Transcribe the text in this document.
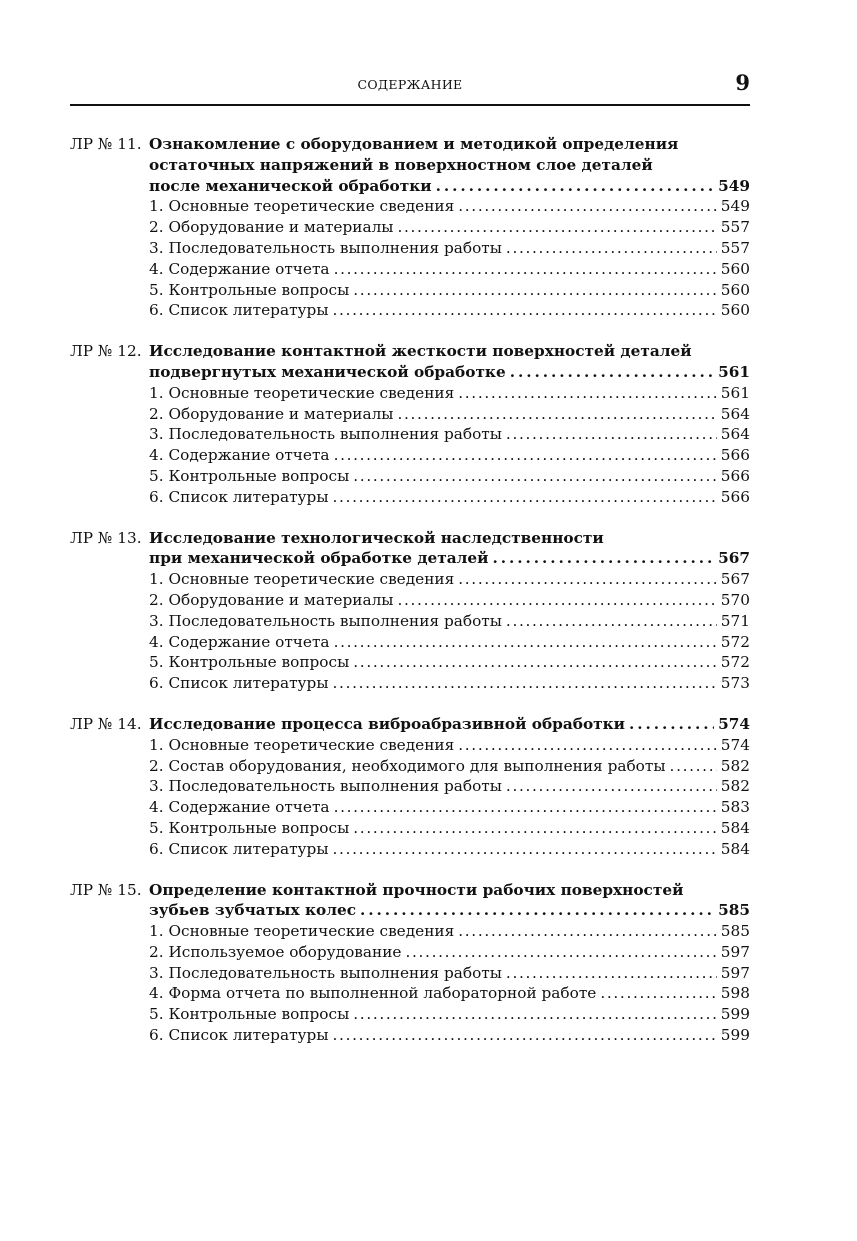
СОДЕРЖАНИЕ	9
ЛР № 11. Ознакомление с оборудованием и методикой определения
остаточных напряжений в поверхностном слое деталей
после механической обработки . . .	549
1. Основные теоретические сведения . . .	549
2. Оборудование и материалы . . .	557
3. Последовательность выполнения работы . . .	557
4. Содержание отчета . . .	560
5. Контрольные вопросы . . .	560
6. Список литературы . . .	560
ЛР № 12. Исследование контактной жесткости поверхностей деталей
подвергнутых механической обработке . . .	561
1. Основные теоретические сведения . . .	561
2. Оборудование и материалы . . .	564
3. Последовательность выполнения работы . . .	564
4. Содержание отчета . . .	566
5. Контрольные вопросы . . .	566
6. Список литературы . . .	566
ЛР № 13. Исследование технологической наследственности
при механической обработке деталей . . .	567
1. Основные теоретические сведения . . .	567
2. Оборудование и материалы . . .	570
3. Последовательность выполнения работы . . .	571
4. Содержание отчета . . .	572
5. Контрольные вопросы . . .	572
6. Список литературы . . .	573
ЛР № 14. Исследование процесса виброабразивной обработки . . .	574
1. Основные теоретические сведения . . .	574
2. Состав оборудования, необходимого для выполнения работы . . .	582
3. Последовательность выполнения работы . . .	582
4. Содержание отчета . . .	583
5. Контрольные вопросы . . .	584
6. Список литературы . . .	584
ЛР № 15. Определение контактной прочности рабочих поверхностей
зубьев зубчатых колес . . .	585
1. Основные теоретические сведения . . .	585
2. Используемое оборудование . . .	597
3. Последовательность выполнения работы . . .	597
4. Форма отчета по выполненной лабораторной работе . . .	598
5. Контрольные вопросы . . .	599
6. Список литературы . . .	599
